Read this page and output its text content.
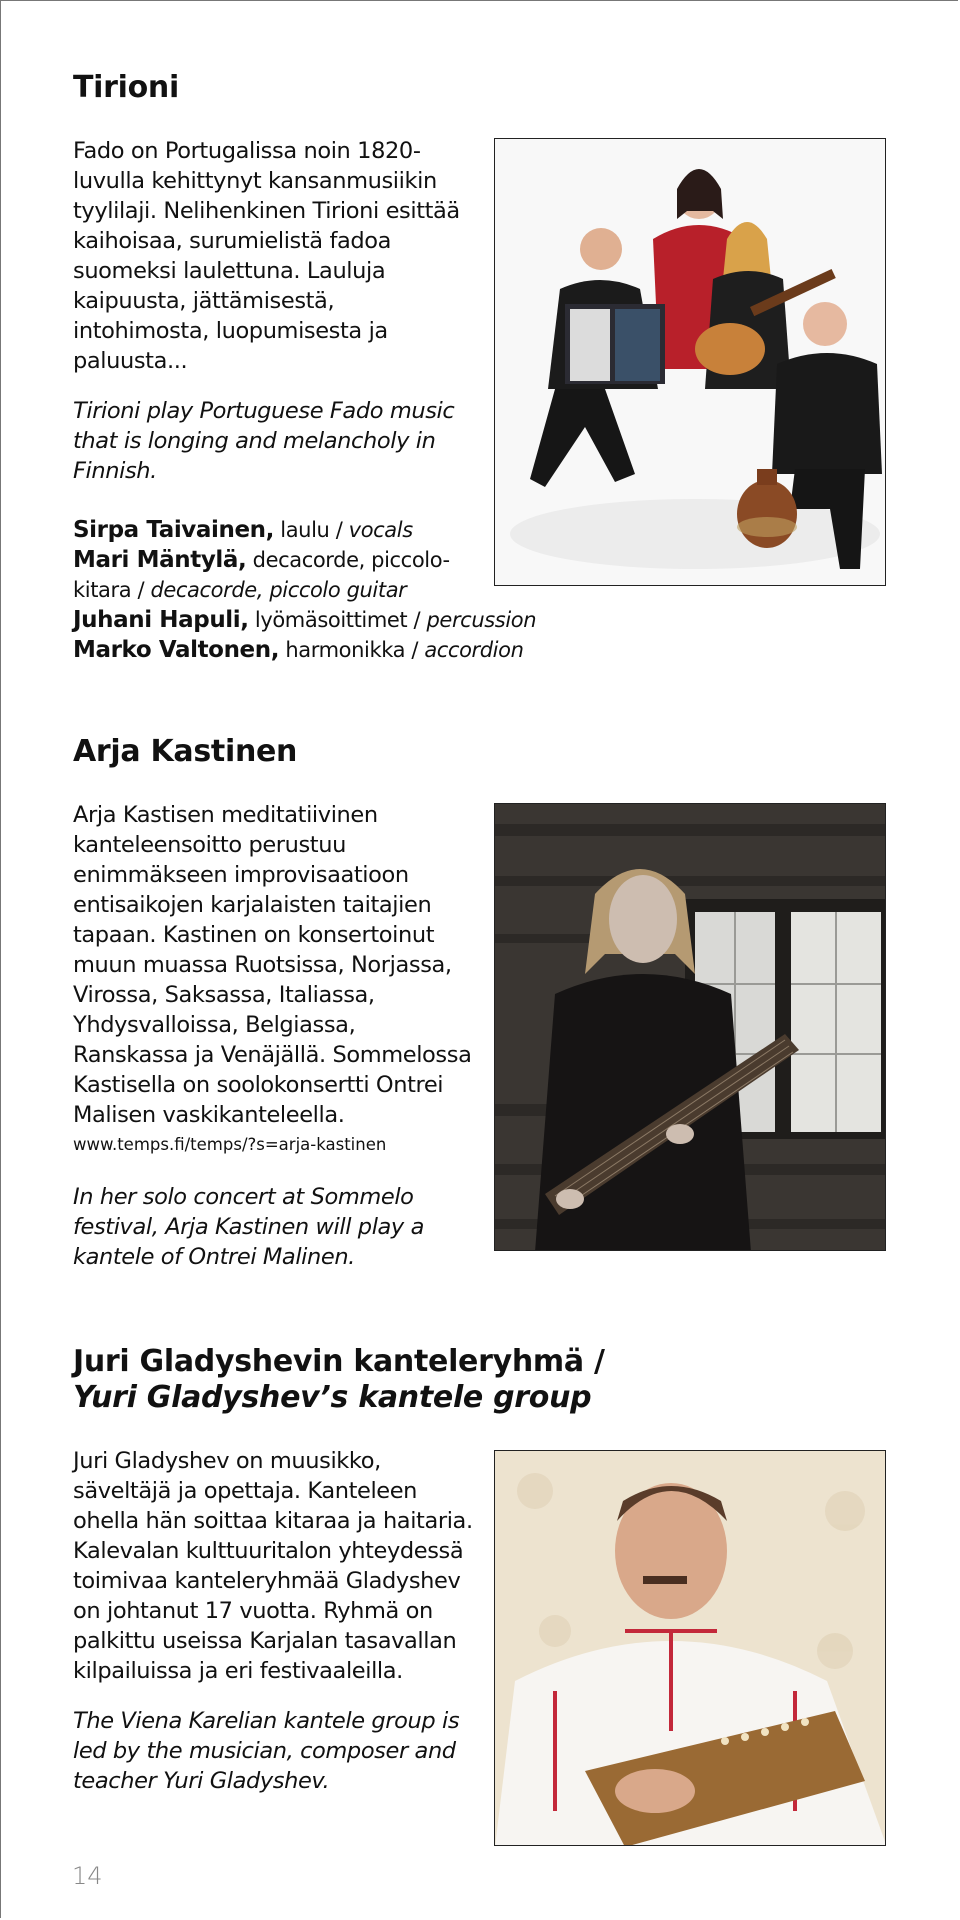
Tirioni

Fado on Portugalissa noin 1820-luvulla kehittynyt kansanmusiikin tyylilaji. Nelihenkinen Tirioni esittää kaihoisaa, surumielistä fadoa suomeksi laulettuna. Lauluja kaipuusta, jättämisestä, intohimosta, luopumisesta ja paluusta...

Tirioni play Portuguese Fado music that is longing and melancholy in Finnish.

Sirpa Taivainen, laulu / vocals
Mari Mäntylä, decacorde, piccolo-
kitara / decacorde, piccolo guitar
Juhani Hapuli, lyömäsoittimet / percussion
Marko Valtonen, harmonikka / accordion
Arja Kastinen

Arja Kastisen meditatiivinen kanteleensoitto perustuu enimmäkseen improvisaatioon entisaikojen karjalaisten taitajien tapaan. Kastinen on konsertoinut muun muassa Ruotsissa, Norjassa, Virossa, Saksassa, Italiassa, Yhdysvalloissa, Belgiassa, Ranskassa ja Venäjällä. Sommelossa Kastisella on soolokonsertti Ontrei Malisen vaskikanteleella.

www.temps.fi/temps/?s=arja-kastinen

In her solo concert at Sommelo festival, Arja Kastinen will play a kantele of Ontrei Malinen.

Juri Gladyshevin kanteleryhmä /
Yuri Gladyshev’s kantele group

Juri Gladyshev on muusikko, säveltäjä ja opettaja. Kanteleen ohella hän soittaa kitaraa ja haitaria. Kalevalan kulttuuritalon yhteydessä toimivaa kanteleryhmää Gladyshev on johtanut 17 vuotta. Ryhmä on palkittu useissa Karjalan tasavallan kilpailuissa ja eri festivaaleilla.

The Viena Karelian kantele group is led by the musician, composer and teacher Yuri Gladyshev.

14
